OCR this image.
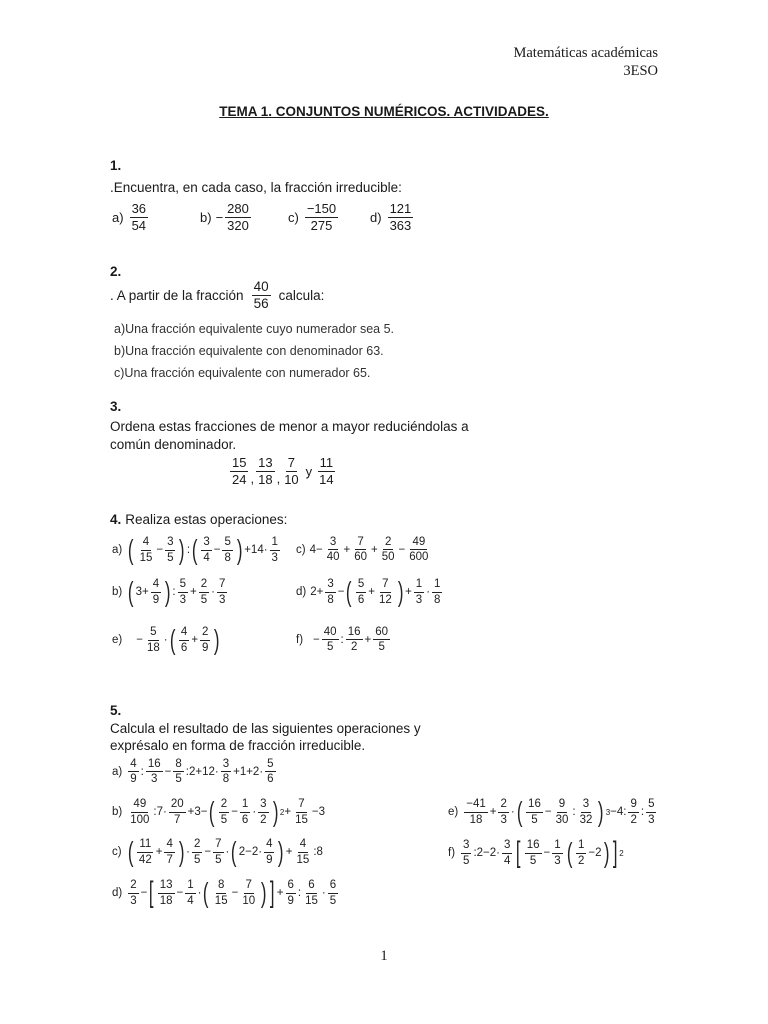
Matemáticas académicas
3ESO
TEMA 1. CONJUNTOS NUMÉRICOS. ACTIVIDADES.
1.
.Encuentra, en cada caso, la fracción irreducible:
a)
36
54
$b) - \frac{280}{320}$	c)
−150
275
d)
121
363
2.
. A partir de la fracción
40
56
calcula:
a)Una fracción equivalente cuyo numerador sea 5.
b)Una fracción equivalente con denominador 63.
c)Una fracción equivalente con numerador 65.
3.
Ordena estas fracciones de menor a mayor reduciéndolas a
común denominador.
15
24 ,
13
18 ,
7
10
y
11
14
4. Realiza estas operaciones:
a) ( 4
15
−
3
5 ) : ( 3
4
−
5
8 ) +14·
1
3
c) 4−
3
40
+
7
60
+
2
50
−
49
600
b) ( 3+
4
9 ) :
5
3
+
2
5
·
7
3
d) 2+
3
8
− ( 5
6
+
7
12 ) +
1
3
·
1
8
e) −
5
18
· ( 4
6
+
2
9 )	f) −
40
5
:
16
2
+
60
5
5.
Calcula el resultado de las siguientes operaciones y
exprésalo en forma de fracción irreducible.
a)
4
9
:
16
3
−
8
5
:2+12·
3
8
+1+2·
5
6
b)
49
100
:7·
20
7
+3− ( 2
5
−
1
6
·
3
2 ) 2 +
7
15
−3	e)
−41
18
+
2
3
· ( 16
5
−
9
30
:
3
32 ) 3 −4:
9
2
:
5
3
c) ( 11
42
+
4
7 ) ·
2
5
−
7
5
· ( 2−2·
4
9 ) +
4
15
:8	f)
3
5
:2−2·
3
4 [ 16
5
−
1
3 ( 1
2
−2 ) ] 2
d)
2
3
− [ 13
18
−
1
4
· ( 8
15
−
7
10 ) ] +
6
9
:
6
15
·
6
5
1
